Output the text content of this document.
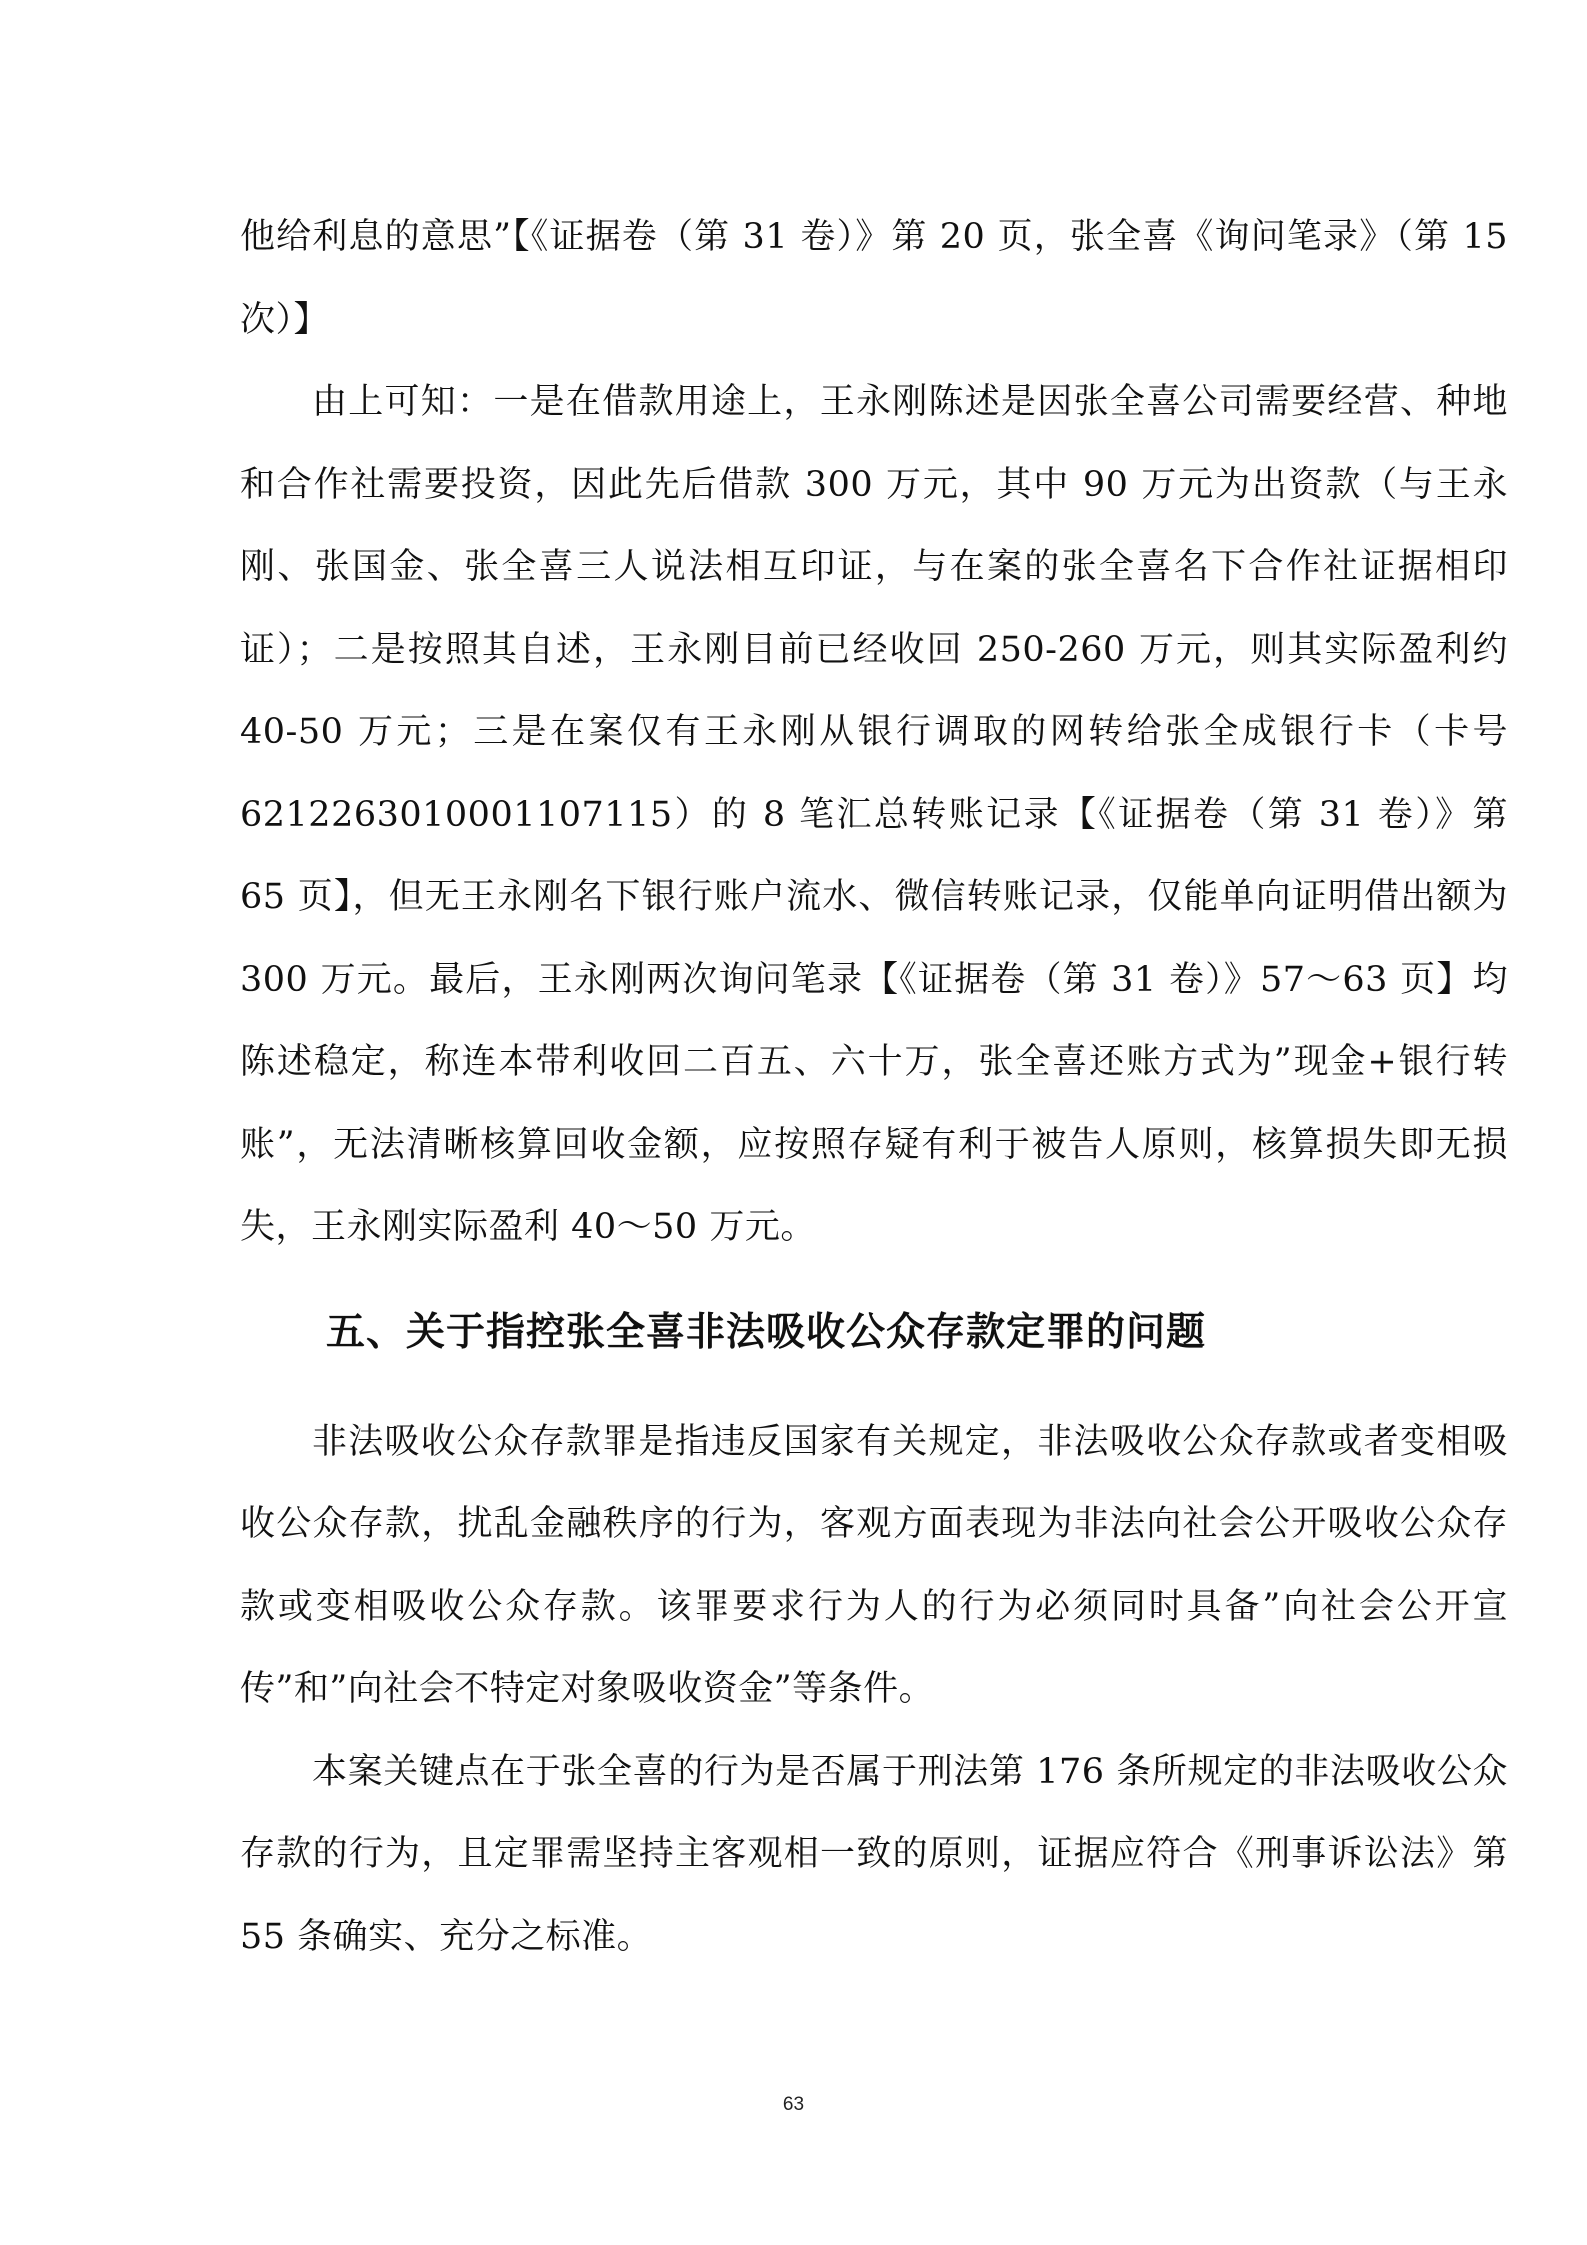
他给利息的意思”【《证据卷（第 31 卷）》第 20 页，张全喜《询问笔录》（第 15 次）】

由上可知：一是在借款用途上，王永刚陈述是因张全喜公司需要经营、种地和合作社需要投资，因此先后借款 300 万元，其中 90 万元为出资款（与王永刚、张国金、张全喜三人说法相互印证，与在案的张全喜名下合作社证据相印证）；二是按照其自述，王永刚目前已经收回 250-260 万元，则其实际盈利约 40-50 万元；三是在案仅有王永刚从银行调取的网转给张全成银行卡（卡号 6212263010001107115）的 8 笔汇总转账记录【《证据卷（第 31 卷）》第 65 页】，但无王永刚名下银行账户流水、微信转账记录，仅能单向证明借出额为 300 万元。最后，王永刚两次询问笔录【《证据卷（第 31 卷）》57～63 页】均陈述稳定，称连本带利收回二百五、六十万，张全喜还账方式为”现金+银行转账”，无法清晰核算回收金额，应按照存疑有利于被告人原则，核算损失即无损失，王永刚实际盈利 40～50 万元。

五、关于指控张全喜非法吸收公众存款定罪的问题

非法吸收公众存款罪是指违反国家有关规定，非法吸收公众存款或者变相吸收公众存款，扰乱金融秩序的行为，客观方面表现为非法向社会公开吸收公众存款或变相吸收公众存款。该罪要求行为人的行为必须同时具备”向社会公开宣传”和”向社会不特定对象吸收资金”等条件。

本案关键点在于张全喜的行为是否属于刑法第 176 条所规定的非法吸收公众存款的行为，且定罪需坚持主客观相一致的原则，证据应符合《刑事诉讼法》第 55 条确实、充分之标准。

63
